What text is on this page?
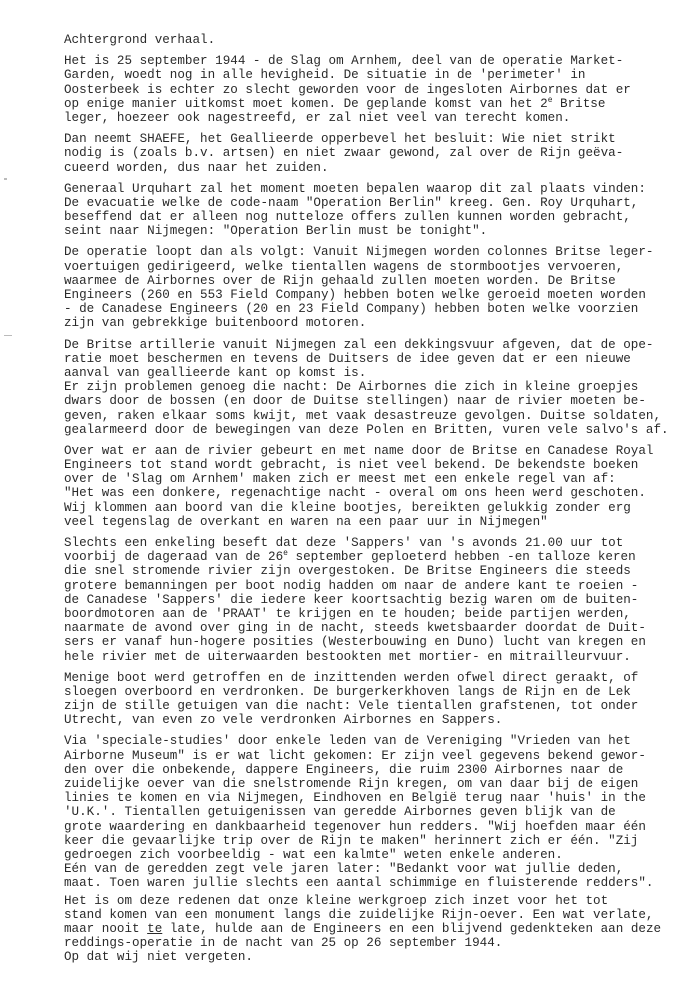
Achtergrond verhaal.
Het is 25 september 1944 - de Slag om Arnhem, deel van de operatie Market-
Garden, woedt nog in alle hevigheid. De situatie in de 'perimeter' in
Oosterbeek is echter zo slecht geworden voor de ingesloten Airbornes dat er
op enige manier uitkomst moet komen. De geplande komst van het 2e Britse
leger, hoezeer ook nagestreefd, er zal niet veel van terecht komen.
Dan neemt SHAEFE, het Geallieerde opperbevel het besluit: Wie niet strikt
nodig is (zoals b.v. artsen) en niet zwaar gewond, zal over de Rijn geëva-
cueerd worden, dus naar het zuiden.
Generaal Urquhart zal het moment moeten bepalen waarop dit zal plaats vinden:
De evacuatie welke de code-naam "Operation Berlin" kreeg. Gen. Roy Urquhart,
beseffend dat er alleen nog nutteloze offers zullen kunnen worden gebracht,
seint naar Nijmegen: "Operation Berlin must be tonight".
De operatie loopt dan als volgt: Vanuit Nijmegen worden colonnes Britse leger-
voertuigen gedirigeerd, welke tientallen wagens de stormbootjes vervoeren,
waarmee de Airbornes over de Rijn gehaald zullen moeten worden. De Britse
Engineers (260 en 553 Field Company) hebben boten welke geroeid moeten worden
- de Canadese Engineers (20 en 23 Field Company) hebben boten welke voorzien
zijn van gebrekkige buitenboord motoren.
De Britse artillerie vanuit Nijmegen zal een dekkingsvuur afgeven, dat de ope-
ratie moet beschermen en tevens de Duitsers de idee geven dat er een nieuwe
aanval van geallieerde kant op komst is.
Er zijn problemen genoeg die nacht: De Airbornes die zich in kleine groepjes
dwars door de bossen (en door de Duitse stellingen) naar de rivier moeten be-
geven, raken elkaar soms kwijt, met vaak desastreuze gevolgen. Duitse soldaten,
gealarmeerd door de bewegingen van deze Polen en Britten, vuren vele salvo's af.
Over wat er aan de rivier gebeurt en met name door de Britse en Canadese Royal
Engineers tot stand wordt gebracht, is niet veel bekend. De bekendste boeken
over de 'Slag om Arnhem' maken zich er meest met een enkele regel van af:
"Het was een donkere, regenachtige nacht - overal om ons heen werd geschoten.
Wij klommen aan boord van die kleine bootjes, bereikten gelukkig zonder erg
veel tegenslag de overkant en waren na een paar uur in Nijmegen"
Slechts een enkeling beseft dat deze 'Sappers' van 's avonds 21.00 uur tot
voorbij de dageraad van de 26e september geploeterd hebben -en talloze keren
die snel stromende rivier zijn overgestoken. De Britse Engineers die steeds
grotere bemanningen per boot nodig hadden om naar de andere kant te roeien -
de Canadese 'Sappers' die iedere keer koortsachtig bezig waren om de buiten-
boordmotoren aan de 'PRAAT' te krijgen en te houden; beide partijen werden,
naarmate de avond over ging in de nacht, steeds kwetsbaarder doordat de Duit-
sers er vanaf hun-hogere posities (Westerbouwing en Duno) lucht van kregen en
hele rivier met de uiterwaarden bestookten met mortier- en mitrailleurvuur.
Menige boot werd getroffen en de inzittenden werden ofwel direct geraakt, of
sloegen overboord en verdronken. De burgerkerkhoven langs de Rijn en de Lek
zijn de stille getuigen van die nacht: Vele tientallen grafstenen, tot onder
Utrecht, van even zo vele verdronken Airbornes en Sappers.
Via 'speciale-studies' door enkele leden van de Vereniging "Vrieden van het
Airborne Museum" is er wat licht gekomen: Er zijn veel gegevens bekend gewor-
den over die onbekende, dappere Engineers, die ruim 2300 Airbornes naar de
zuidelijke oever van die snelstromende Rijn kregen, om van daar bij de eigen
linies te komen en via Nijmegen, Eindhoven en België terug naar 'huis' in the
'U.K.'. Tientallen getuigenissen van geredde Airbornes geven blijk van de
grote waardering en dankbaarheid tegenover hun redders. "Wij hoefden maar één
keer die gevaarlijke trip over de Rijn te maken" herinnert zich er één. "Zij
gedroegen zich voorbeeldig - wat een kalmte" weten enkele anderen.
Eén van de geredden zegt vele jaren later: "Bedankt voor wat jullie deden,
maat. Toen waren jullie slechts een aantal schimmige en fluisterende redders".
Het is om deze redenen dat onze kleine werkgroep zich inzet voor het tot
stand komen van een monument langs die zuidelijke Rijn-oever. Een wat verlate,
maar nooit te late, hulde aan de Engineers en een blijvend gedenkteken aan deze
reddings-operatie in de nacht van 25 op 26 september 1944.
Op dat wij niet vergeten.
